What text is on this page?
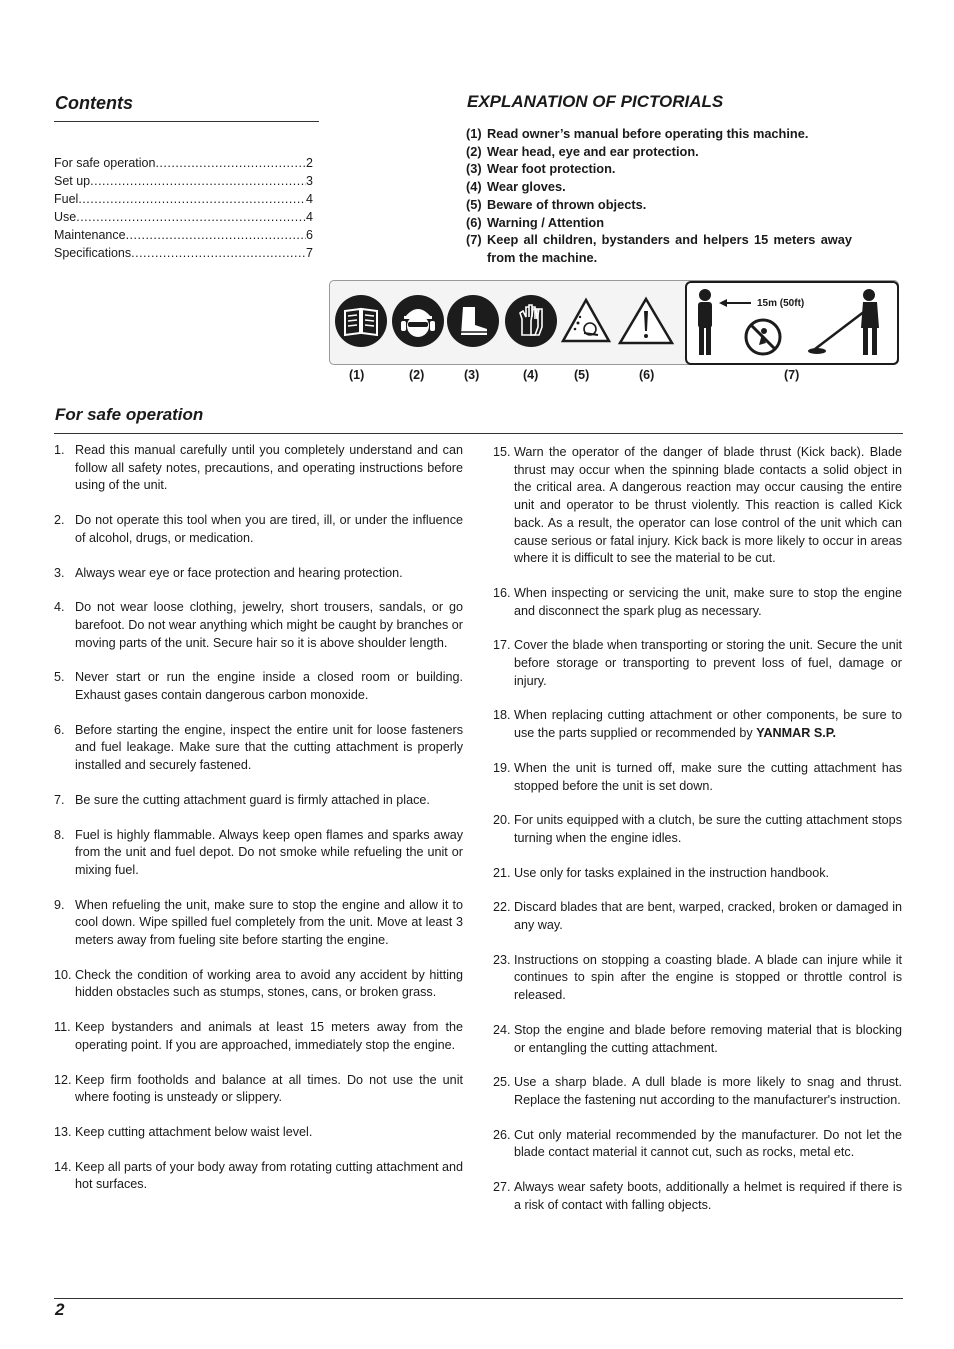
Contents
For safe operation .....	2
Set up .....	3
Fuel .....	4
Use .....	4
Maintenance .....	6
Specifications .....	7
EXPLANATION OF PICTORIALS
(1) Read owner’s manual before operating this machine.
(2) Wear head, eye and ear protection.
(3) Wear foot protection.
(4) Wear gloves.
(5) Beware of thrown objects.
(6) Warning / Attention
(7) Keep all children, bystanders and helpers 15 meters away from the machine.
15m (50ft)
(1)	(2)	(3)	(4)	(5)	(6)	(7)
For safe operation
1. Read this manual carefully until you completely understand and can follow all safety notes, precautions, and operating instructions before using of the unit.
2. Do not operate this tool when you are tired, ill, or under the influence of alcohol, drugs, or medication.
3. Always wear eye or face protection and hearing protection.
4. Do not wear loose clothing, jewelry, short trousers, sandals, or go barefoot. Do not wear anything which might be caught by branches or moving parts of the unit. Secure hair so it is above shoulder length.
5. Never start or run the engine inside a closed room or building. Exhaust gases contain dangerous carbon monoxide.
6. Before starting the engine, inspect the entire unit for loose fasteners and fuel leakage. Make sure that the cutting attachment is properly installed and securely fastened.
7. Be sure the cutting attachment guard is firmly attached in place.
8. Fuel is highly flammable. Always keep open flames and sparks away from the unit and fuel depot. Do not smoke while refueling the unit or mixing fuel.
9. When refueling the unit, make sure to stop the engine and allow it to cool down. Wipe spilled fuel completely from the unit. Move at least 3 meters away from fueling site before starting the engine.
10. Check the condition of working area to avoid any accident by hitting hidden obstacles such as stumps, stones, cans, or broken grass.
11. Keep bystanders and animals at least 15 meters away from the operating point. If you are approached, immediately stop the engine.
12. Keep firm footholds and balance at all times. Do not use the unit where footing is unsteady or slippery.
13. Keep cutting attachment below waist level.
14. Keep all parts of your body away from rotating cutting attachment and hot surfaces.
15. Warn the operator of the danger of blade thrust (Kick back). Blade thrust may occur when the spinning blade contacts a solid object in the critical area. A dangerous reaction may occur causing the entire unit and operator to be thrust violently. This reaction is called Kick back. As a result, the operator can lose control of the unit which can cause serious or fatal injury. Kick back is more likely to occur in areas where it is difficult to see the material to be cut.
16. When inspecting or servicing the unit, make sure to stop the engine and disconnect the spark plug as necessary.
17. Cover the blade when transporting or storing the unit. Secure the unit before storage or transporting to prevent loss of fuel, damage or injury.
18. When replacing cutting attachment or other components, be sure to use the parts supplied or recommended by YANMAR S.P.
19. When the unit is turned off, make sure the cutting attachment has stopped before the unit is set down.
20. For units equipped with a clutch, be sure the cutting attachment stops turning when the engine idles.
21. Use only for tasks explained in the instruction handbook.
22. Discard blades that are bent, warped, cracked, broken or damaged in any way.
23. Instructions on stopping a coasting blade. A blade can injure while it continues to spin after the engine is stopped or throttle control is released.
24. Stop the engine and blade before removing material that is blocking or entangling the cutting attachment.
25. Use a sharp blade. A dull blade is more likely to snag and thrust. Replace the fastening nut according to the manufacturer's instruction.
26. Cut only material recommended by the manufacturer. Do not let the blade contact material it cannot cut, such as rocks, metal etc.
27. Always wear safety boots, additionally a helmet is required if there is a risk of contact with falling objects.
2
